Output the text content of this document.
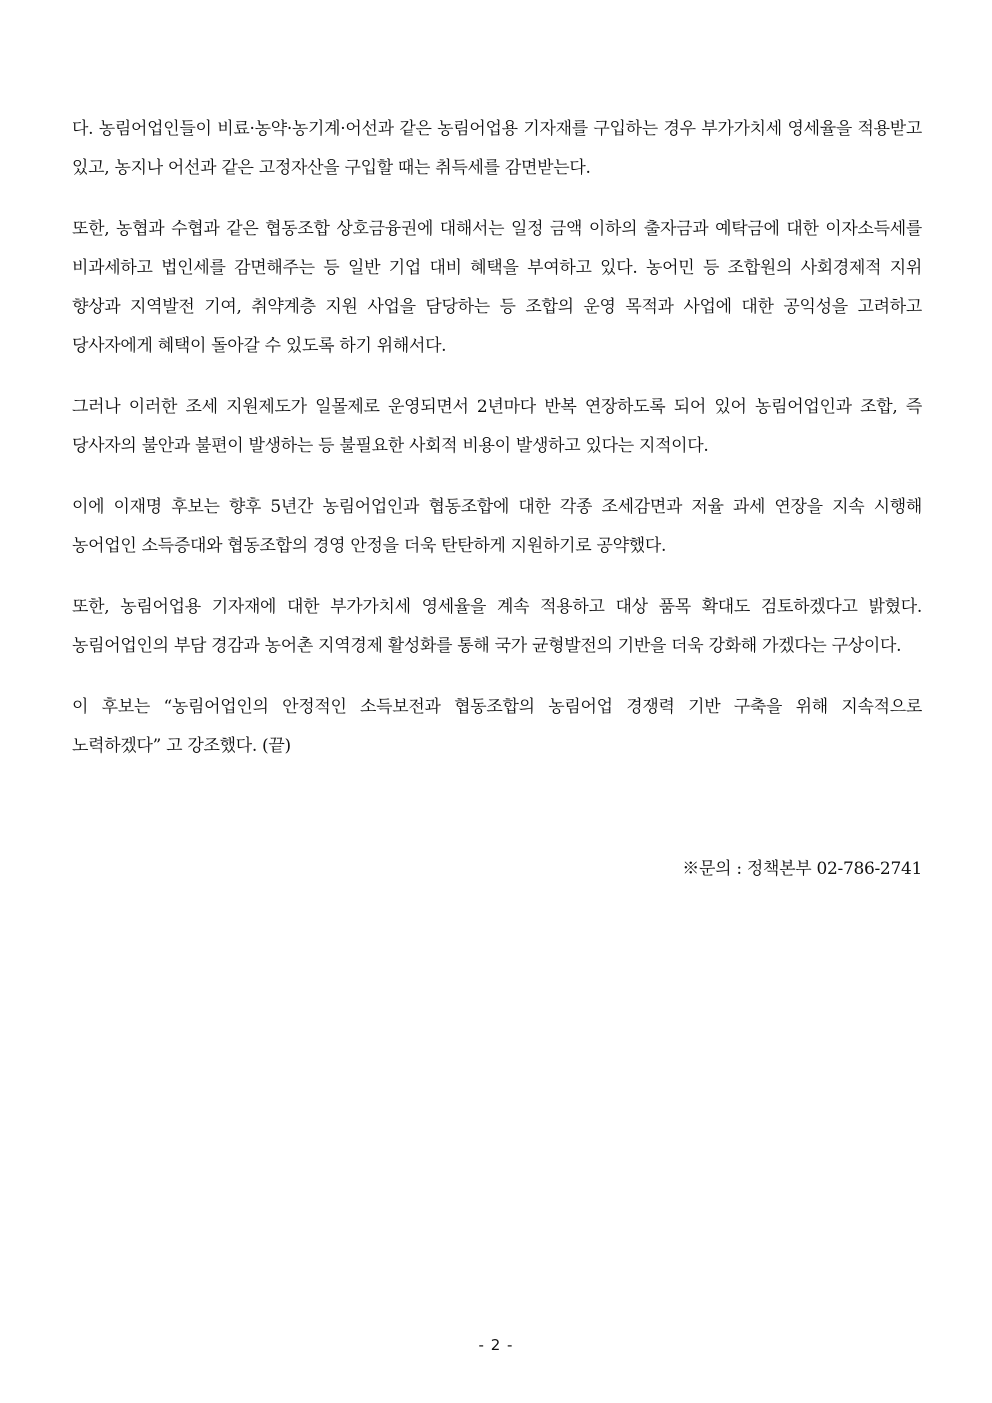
다. 농림어업인들이 비료·농약·농기계·어선과 같은 농림어업용 기자재를 구입하는 경우 부가가치세 영세율을 적용받고 있고, 농지나 어선과 같은 고정자산을 구입할 때는 취득세를 감면받는다.

또한, 농협과 수협과 같은 협동조합 상호금융권에 대해서는 일정 금액 이하의 출자금과 예탁금에 대한 이자소득세를 비과세하고 법인세를 감면해주는 등 일반 기업 대비 혜택을 부여하고 있다. 농어민 등 조합원의 사회경제적 지위 향상과 지역발전 기여, 취약계층 지원 사업을 담당하는 등 조합의 운영 목적과 사업에 대한 공익성을 고려하고 당사자에게 혜택이 돌아갈 수 있도록 하기 위해서다.

그러나 이러한 조세 지원제도가 일몰제로 운영되면서 2년마다 반복 연장하도록 되어 있어 농림어업인과 조합, 즉 당사자의 불안과 불편이 발생하는 등 불필요한 사회적 비용이 발생하고 있다는 지적이다.

이에 이재명 후보는 향후 5년간 농림어업인과 협동조합에 대한 각종 조세감면과 저율 과세 연장을 지속 시행해 농어업인 소득증대와 협동조합의 경영 안정을 더욱 탄탄하게 지원하기로 공약했다.

또한, 농림어업용 기자재에 대한 부가가치세 영세율을 계속 적용하고 대상 품목 확대도 검토하겠다고 밝혔다. 농림어업인의 부담 경감과 농어촌 지역경제 활성화를 통해 국가 균형발전의 기반을 더욱 강화해 가겠다는 구상이다.

이 후보는 “농림어업인의 안정적인 소득보전과 협동조합의 농림어업 경쟁력 기반 구축을 위해 지속적으로 노력하겠다” 고 강조했다. (끝)

※문의 : 정책본부 02-786-2741
- 2 -
